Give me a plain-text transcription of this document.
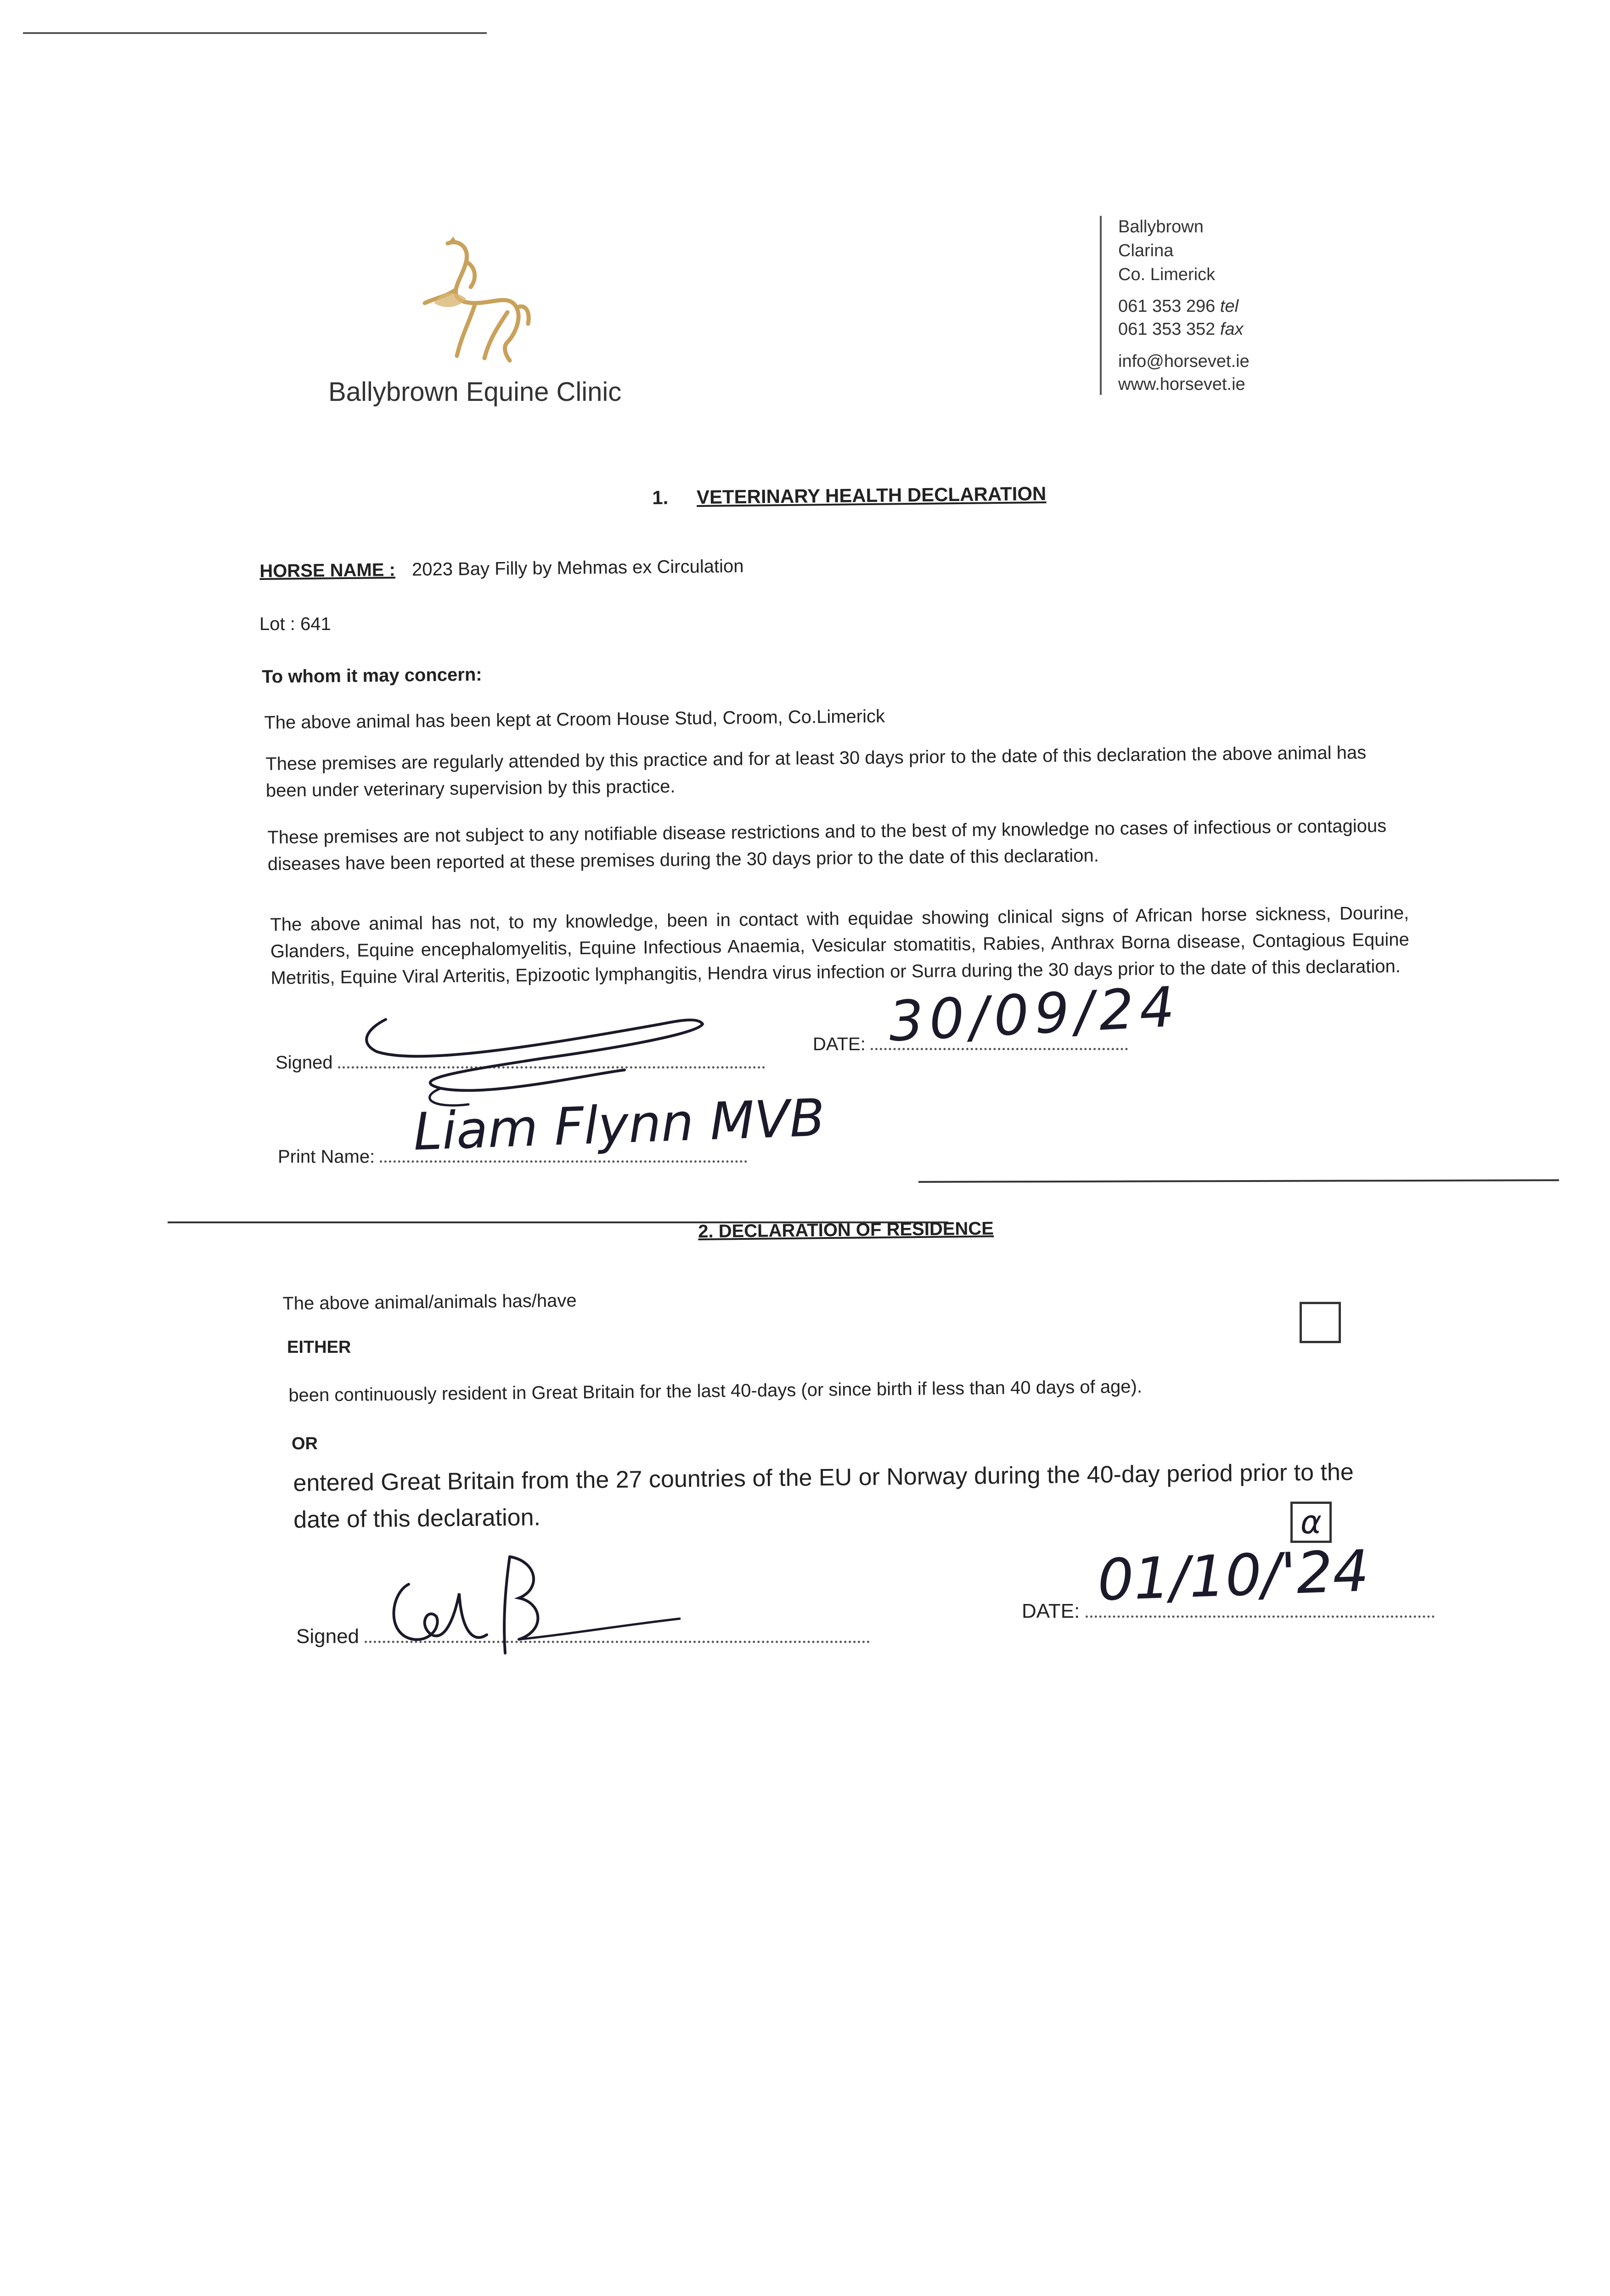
Ballybrown Equine Clinic
Ballybrown
Clarina
Co. Limerick
061 353 296 tel
061 353 352 fax
info@horsevet.ie
www.horsevet.ie
1. VETERINARY HEALTH DECLARATION
HORSE NAME : 2023 Bay Filly by Mehmas ex Circulation
Lot : 641
To whom it may concern:
The above animal has been kept at Croom House Stud, Croom, Co.Limerick
These premises are regularly attended by this practice and for at least 30 days prior to the date of this declaration the above animal has been under veterinary supervision by this practice.
These premises are not subject to any notifiable disease restrictions and to the best of my knowledge no cases of infectious or contagious diseases have been reported at these premises during the 30 days prior to the date of this declaration.
The above animal has not, to my knowledge, been in contact with equidae showing clinical signs of African horse sickness, Dourine, Glanders, Equine encephalomyelitis, Equine Infectious Anaemia, Vesicular stomatitis, Rabies, Anthrax Borna disease, Contagious Equine Metritis, Equine Viral Arteritis, Epizootic lymphangitis, Hendra virus infection or Surra during the 30 days prior to the date of this declaration.
Signed
DATE: 30/09/24
Print Name: Liam Flynn MVB
2. DECLARATION OF RESIDENCE
The above animal/animals has/have
EITHER
been continuously resident in Great Britain for the last 40-days (or since birth if less than 40 days of age).
OR
entered Great Britain from the 27 countries of the EU or Norway during the 40-day period prior to the date of this declaration.	α
Signed
DATE: 01/10/'24
